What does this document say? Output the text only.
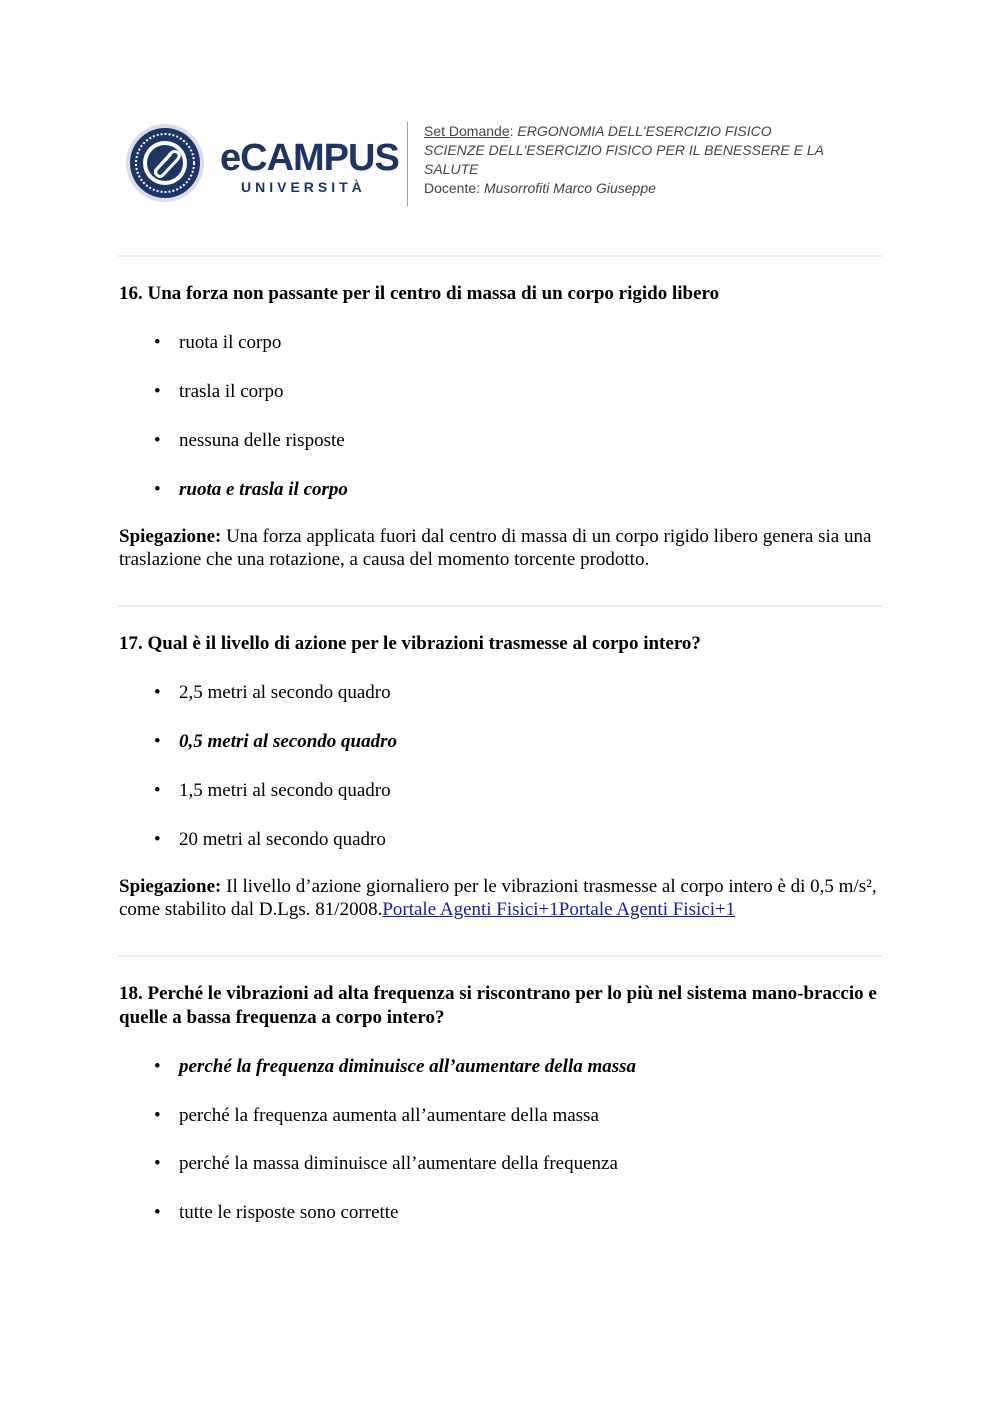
eCAMPUS
UNIVERSITÀ
Set Domande: ERGONOMIA DELL'ESERCIZIO FISICO
SCIENZE DELL'ESERCIZIO FISICO PER IL BENESSERE E LA SALUTE
Docente: Musorrofiti Marco Giuseppe
16. Una forza non passante per il centro di massa di un corpo rigido libero
• ruota il corpo
• trasla il corpo
• nessuna delle risposte
• ruota e trasla il corpo
Spiegazione: Una forza applicata fuori dal centro di massa di un corpo rigido libero genera sia una traslazione che una rotazione, a causa del momento torcente prodotto.
17. Qual è il livello di azione per le vibrazioni trasmesse al corpo intero?
• 2,5 metri al secondo quadro
• 0,5 metri al secondo quadro
• 1,5 metri al secondo quadro
• 20 metri al secondo quadro
Spiegazione: Il livello d’azione giornaliero per le vibrazioni trasmesse al corpo intero è di 0,5 m/s², come stabilito dal D.Lgs. 81/2008.Portale Agenti Fisici+1Portale Agenti Fisici+1
18. Perché le vibrazioni ad alta frequenza si riscontrano per lo più nel sistema mano-braccio e quelle a bassa frequenza a corpo intero?
• perché la frequenza diminuisce all’aumentare della massa
• perché la frequenza aumenta all’aumentare della massa
• perché la massa diminuisce all’aumentare della frequenza
• tutte le risposte sono corrette
